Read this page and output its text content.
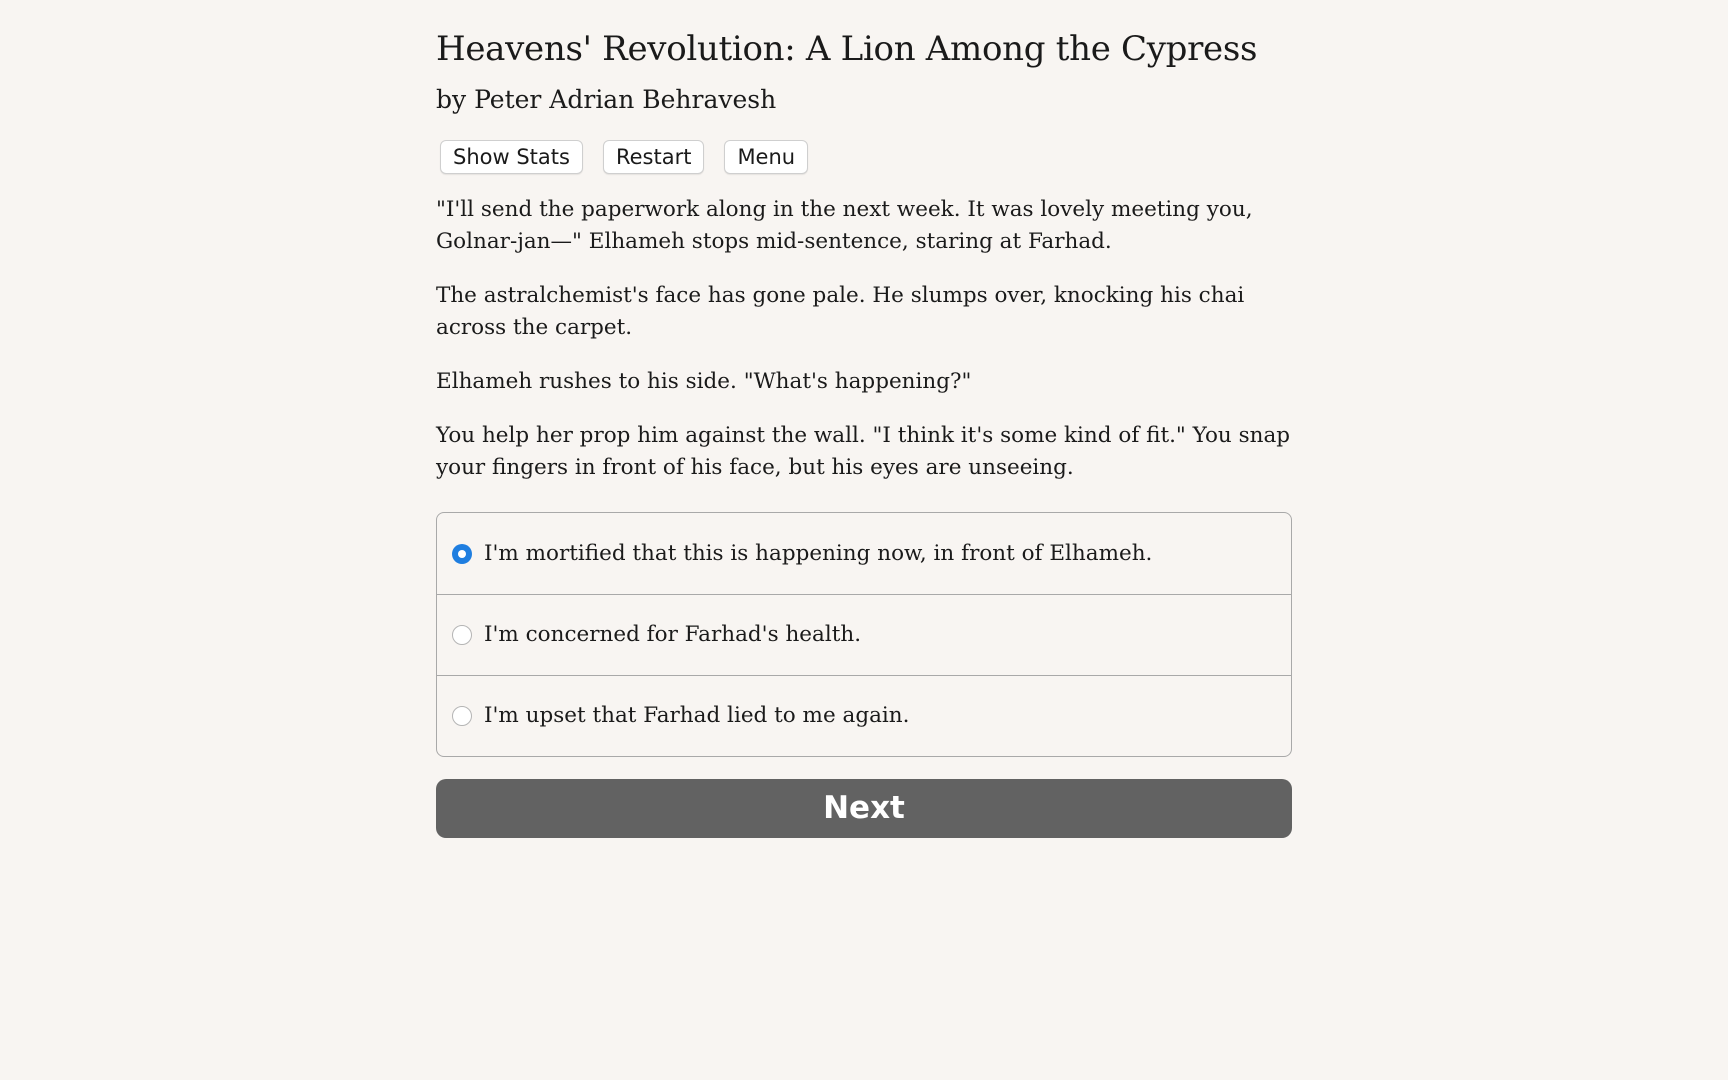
Heavens' Revolution: A Lion Among the Cypress
by Peter Adrian Behravesh
Show Stats	Restart	Menu

"I'll send the paperwork along in the next week. It was lovely meeting you, Golnar-jan—" Elhameh stops mid-sentence, staring at Farhad.

The astralchemist's face has gone pale. He slumps over, knocking his chai across the carpet.

Elhameh rushes to his side. "What's happening?"

You help her prop him against the wall. "I think it's some kind of fit." You snap your fingers in front of his face, but his eyes are unseeing.

I'm mortified that this is happening now, in front of Elhameh.
I'm concerned for Farhad's health.
I'm upset that Farhad lied to me again.
Next
